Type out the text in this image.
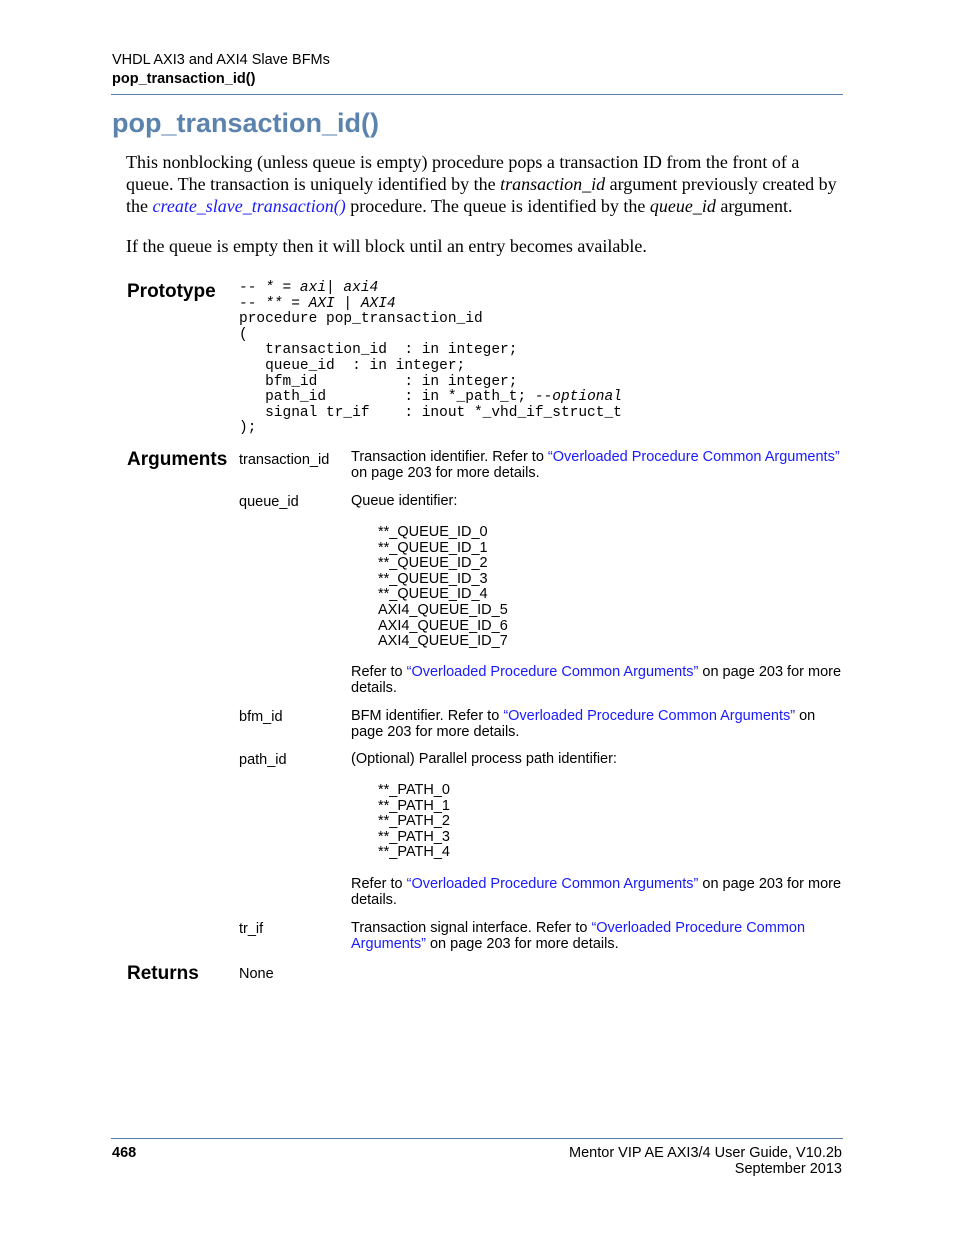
VHDL AXI3 and AXI4 Slave BFMs
pop_transaction_id()
pop_transaction_id()

This nonblocking (unless queue is empty) procedure pops a transaction ID from the front of a queue. The transaction is uniquely identified by the transaction_id argument previously created by the create_slave_transaction() procedure. The queue is identified by the queue_id argument.

If the queue is empty then it will block until an entry becomes available.

Prototype -- * = axi| axi4
-- ** = AXI | AXI4
procedure pop_transaction_id
(
transaction_id  : in integer;
queue_id  : in integer;
bfm_id          : in integer;
path_id         : in *_path_t; --optional
signal tr_if    : inout *_vhd_if_struct_t
);
Arguments transaction_id Transaction identifier. Refer to “Overloaded Procedure Common Arguments” on page 203 for more details.
queue_id	Queue identifier:
**_QUEUE_ID_0
**_QUEUE_ID_1
**_QUEUE_ID_2
**_QUEUE_ID_3
**_QUEUE_ID_4
AXI4_QUEUE_ID_5
AXI4_QUEUE_ID_6
AXI4_QUEUE_ID_7
Refer to “Overloaded Procedure Common Arguments” on page 203 for more details.
bfm_id	BFM identifier. Refer to “Overloaded Procedure Common Arguments” on page 203 for more details.
path_id	(Optional) Parallel process path identifier:
**_PATH_0
**_PATH_1
**_PATH_2
**_PATH_3
**_PATH_4
Refer to “Overloaded Procedure Common Arguments” on page 203 for more details.
tr_if	Transaction signal interface. Refer to “Overloaded Procedure Common Arguments” on page 203 for more details.
Returns	None
468	Mentor VIP AE AXI3/4 User Guide, V10.2b
September 2013
